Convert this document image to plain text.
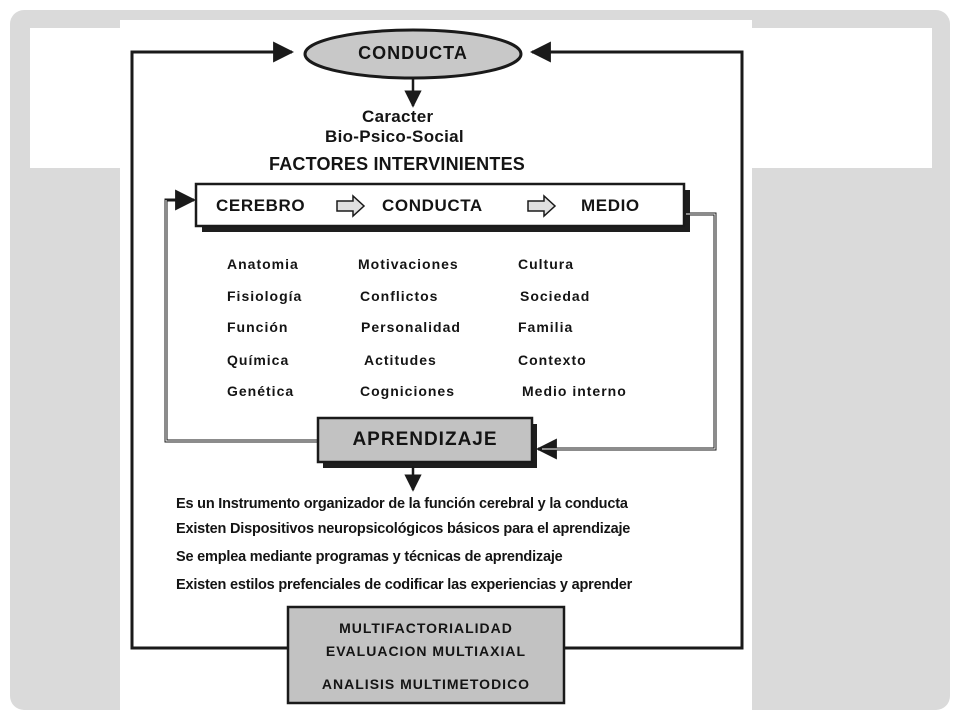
CONDUCTA

Caracter

Bio-Psico-Social

FACTORES INTERVINIENTES

CEREBRO	CONDUCTA	MEDIO

Anatomia

Fisiología

Función

Química

Genética

Motivaciones

Conflictos

Personalidad

Actitudes

Cogniciones

Cultura

Sociedad

Familia

Contexto

Medio interno

APRENDIZAJE

Es un Instrumento organizador de la función cerebral y la conducta

Existen Dispositivos neuropsicológicos básicos para el aprendizaje

Se emplea mediante programas y técnicas de aprendizaje

Existen estilos prefenciales de codificar las experiencias y aprender

MULTIFACTORIALIDAD

EVALUACION MULTIAXIAL

ANALISIS MULTIMETODICO
